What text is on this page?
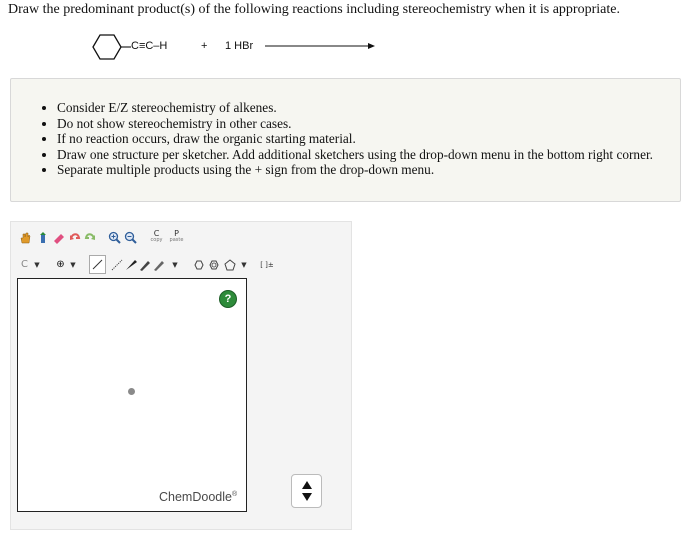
Draw the predominant product(s) of the following reactions including stereochemistry when it is appropriate.
C≡C–H	+ 1 HBr
• Consider E/Z stereochemistry of alkenes.
• Do not show stereochemistry in other cases.
• If no reaction occurs, draw the organic starting material.
• Draw one structure per sketcher. Add additional sketchers using the drop-down menu in the bottom right corner.
• Separate multiple products using the + sign from the drop-down menu.
C
copy
P
paste
C ▼	⊕ ▼	▼	▼	[ ]±
?
ChemDoodle®
